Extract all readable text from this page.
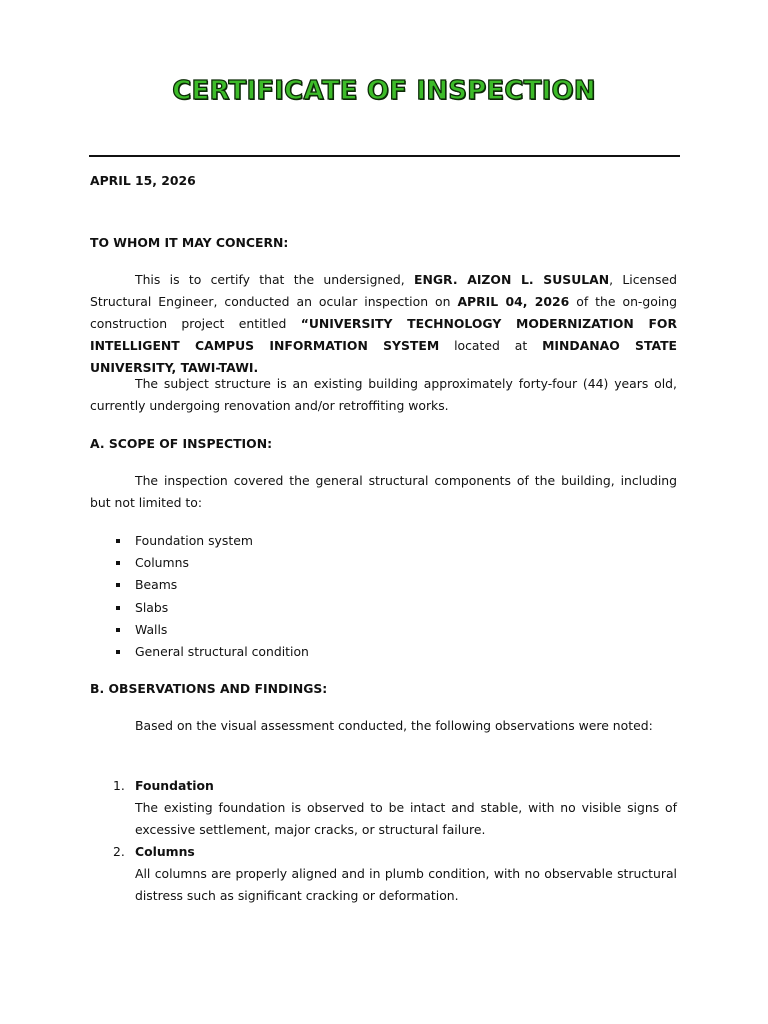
CERTIFICATE OF INSPECTION
APRIL 15, 2026
TO WHOM IT MAY CONCERN:
This is to certify that the undersigned, ENGR. AIZON L. SUSULAN, Licensed Structural Engineer, conducted an ocular inspection on APRIL 04, 2026 of the on-going construction project entitled “UNIVERSITY TECHNOLOGY MODERNIZATION FOR INTELLIGENT CAMPUS INFORMATION SYSTEM located at MINDANAO STATE UNIVERSITY, TAWI-TAWI.
The subject structure is an existing building approximately forty-four (44) years old, currently undergoing renovation and/or retroffiting works.
A. SCOPE OF INSPECTION:
The inspection covered the general structural components of the building, including but not limited to:
Foundation system
Columns
Beams
Slabs
Walls
General structural condition
B. OBSERVATIONS AND FINDINGS:
Based on the visual assessment conducted, the following observations were noted:
1. Foundation
The existing foundation is observed to be intact and stable, with no visible signs of excessive settlement, major cracks, or structural failure.
2. Columns
All columns are properly aligned and in plumb condition, with no observable structural distress such as significant cracking or deformation.
